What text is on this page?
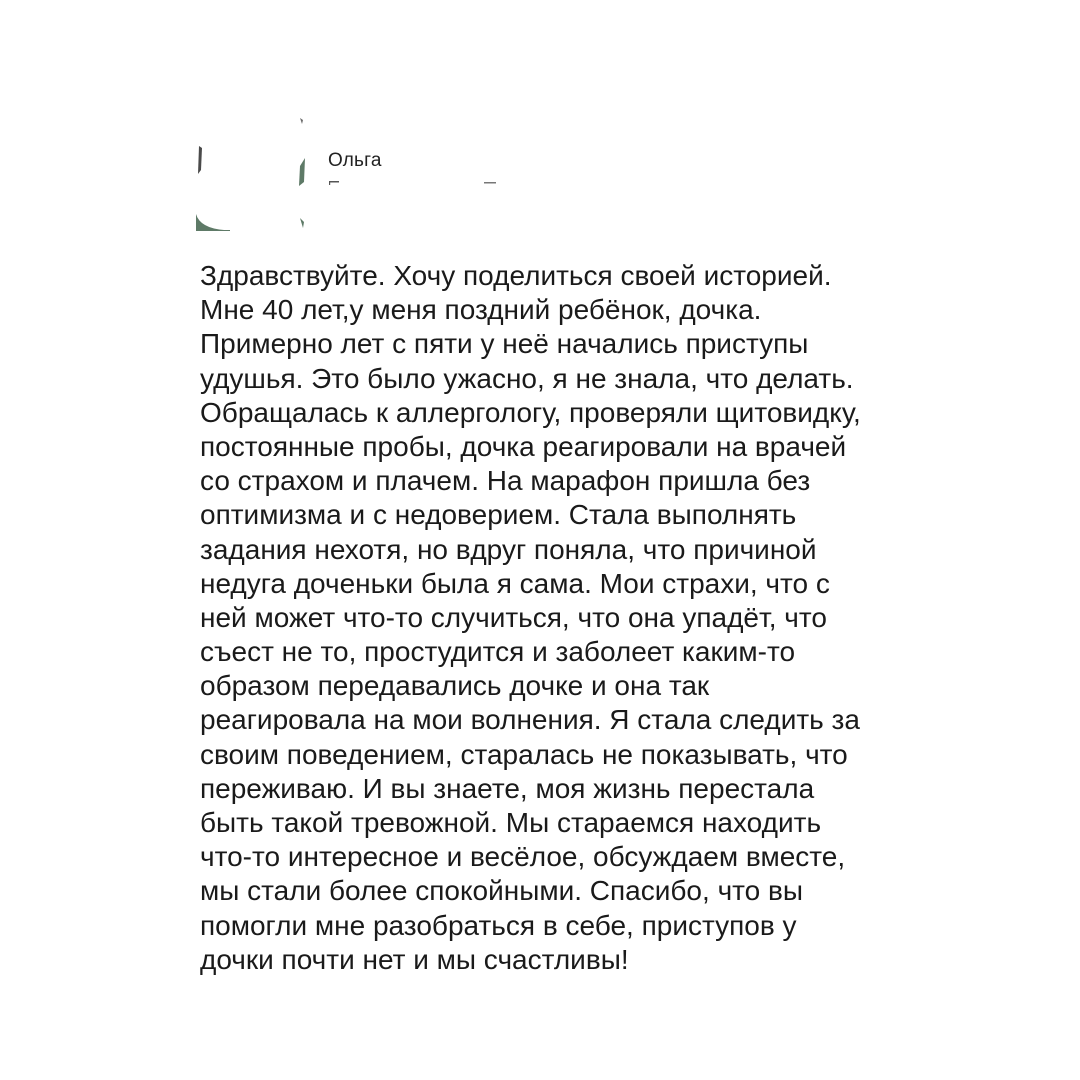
Ольга
Здравствуйте. Хочу поделиться своей историей.
Мне 40 лет,у меня поздний ребёнок, дочка.
Примерно лет с пяти у неё начались приступы
удушья. Это было ужасно, я не знала, что делать.
Обращалась к аллергологу, проверяли щитовидку,
постоянные пробы, дочка реагировали на врачей
со страхом и плачем. На марафон пришла без
оптимизма и с недоверием. Стала выполнять
задания нехотя, но вдруг поняла, что причиной
недуга доченьки была я сама. Мои страхи, что с
ней может что-то случиться, что она упадёт, что
съест не то, простудится и заболеет каким-то
образом передавались дочке и она так
реагировала на мои волнения. Я стала следить за
своим поведением, старалась не показывать, что
переживаю. И вы знаете, моя жизнь перестала
быть такой тревожной. Мы стараемся находить
что-то интересное и весёлое, обсуждаем вместе,
мы стали более спокойными. Спасибо, что вы
помогли мне разобраться в себе, приступов у
дочки почти нет и мы счастливы!
